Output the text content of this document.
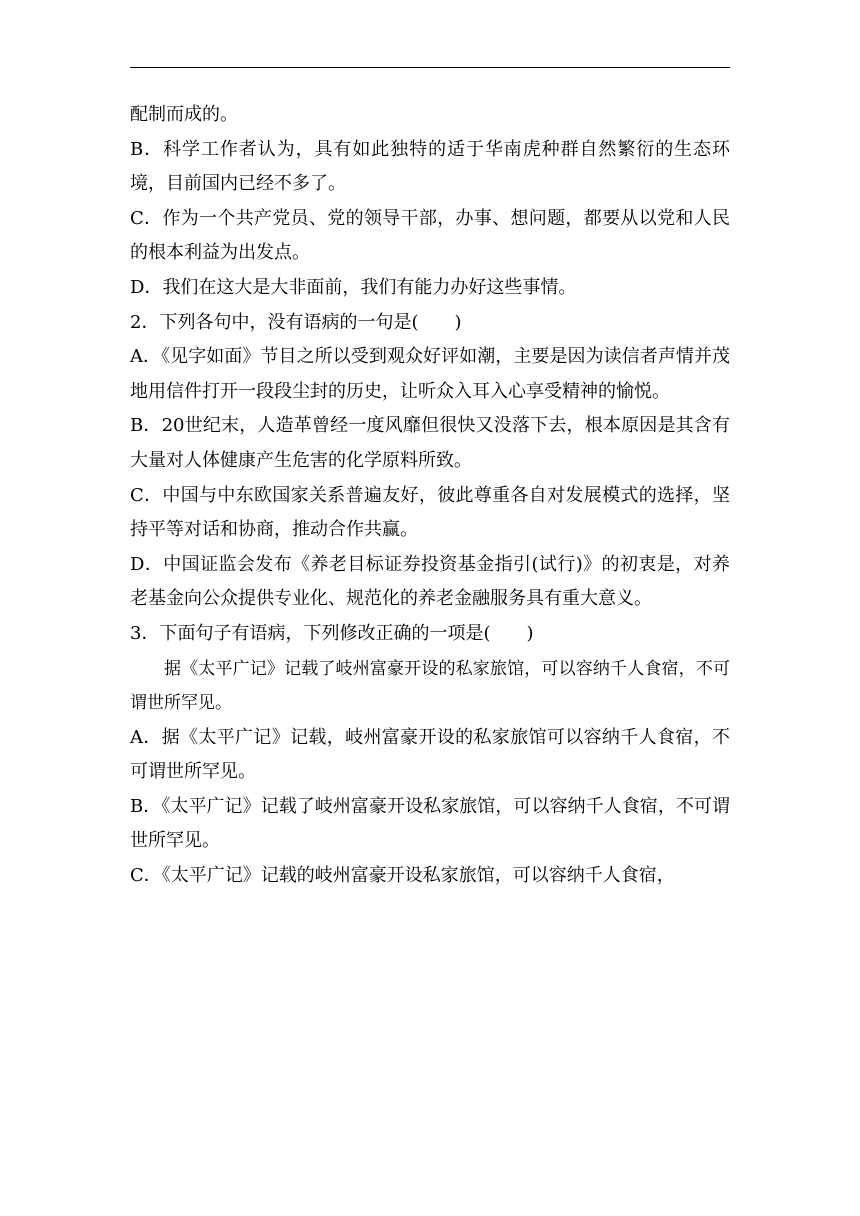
配制而成的。

B．科学工作者认为，具有如此独特的适于华南虎种群自然繁衍的生态环境，目前国内已经不多了。

C．作为一个共产党员、党的领导干部，办事、想问题，都要从以党和人民的根本利益为出发点。

D．我们在这大是大非面前，我们有能力办好这些事情。

2．下列各句中，没有语病的一句是(　　)

A．《见字如面》节目之所以受到观众好评如潮，主要是因为读信者声情并茂地用信件打开一段段尘封的历史，让听众入耳入心享受精神的愉悦。

B．20世纪末，人造革曾经一度风靡但很快又没落下去，根本原因是其含有大量对人体健康产生危害的化学原料所致。

C．中国与中东欧国家关系普遍友好，彼此尊重各自对发展模式的选择，坚持平等对话和协商，推动合作共赢。

D．中国证监会发布《养老目标证券投资基金指引(试行)》的初衷是，对养老基金向公众提供专业化、规范化的养老金融服务具有重大意义。

3．下面句子有语病，下列修改正确的一项是(　　)

据《太平广记》记载了岐州富豪开设的私家旅馆，可以容纳千人食宿，不可谓世所罕见。

A．据《太平广记》记载，岐州富豪开设的私家旅馆可以容纳千人食宿，不可谓世所罕见。

B．《太平广记》记载了岐州富豪开设私家旅馆，可以容纳千人食宿，不可谓世所罕见。

C．《太平广记》记载的岐州富豪开设私家旅馆，可以容纳千人食宿，
